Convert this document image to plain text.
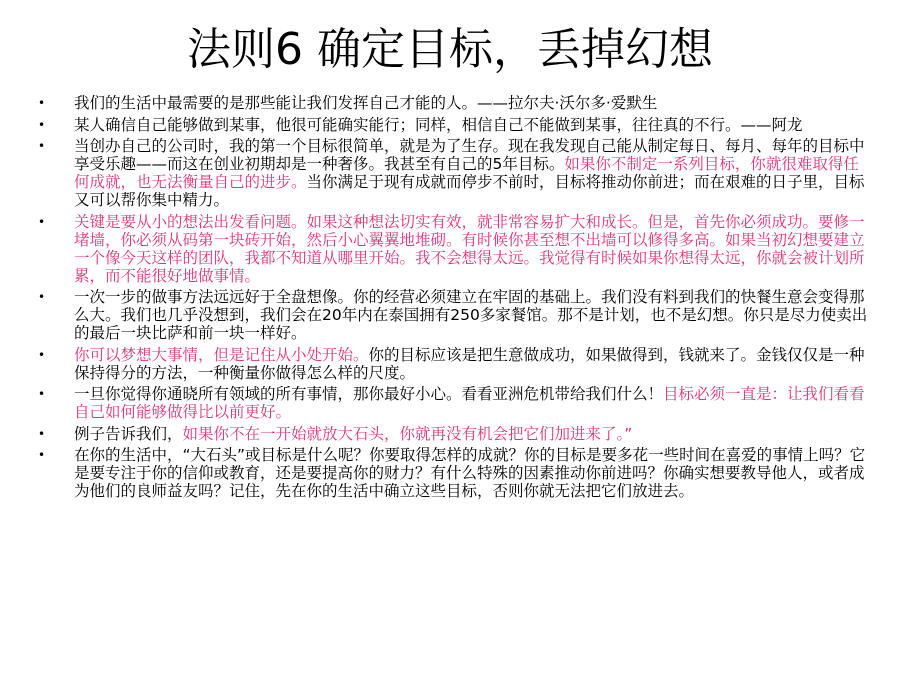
法则6 确定目标，丢掉幻想
• 我们的生活中最需要的是那些能让我们发挥自己才能的人。——拉尔夫·沃尔多·爱默生
• 某人确信自己能够做到某事，他很可能确实能行；同样，相信自己不能做到某事，往往真的不行。——阿龙
• 当创办自己的公司时，我的第一个目标很简单，就是为了生存。现在我发现自己能从制定每日、每月、每年的目标中享受乐趣——而这在创业初期却是一种奢侈。我甚至有自己的5年目标。如果你不制定一系列目标，你就很难取得任何成就，也无法衡量自己的进步。当你满足于现有成就而停步不前时，目标将推动你前进；而在艰难的日子里，目标又可以帮你集中精力。
• 关键是要从小的想法出发看问题。如果这种想法切实有效，就非常容易扩大和成长。但是，首先你必须成功。要修一堵墙，你必须从码第一块砖开始，然后小心翼翼地堆砌。有时候你甚至想不出墙可以修得多高。如果当初幻想要建立一个像今天这样的团队，我都不知道从哪里开始。我不会想得太远。我觉得有时候如果你想得太远，你就会被计划所累，而不能很好地做事情。
• 一次一步的做事方法远远好于全盘想像。你的经营必须建立在牢固的基础上。我们没有料到我们的快餐生意会变得那么大。我们也几乎没想到，我们会在20年内在泰国拥有250多家餐馆。那不是计划，也不是幻想。你只是尽力使卖出的最后一块比萨和前一块一样好。
• 你可以梦想大事情，但是记住从小处开始。你的目标应该是把生意做成功，如果做得到，钱就来了。金钱仅仅是一种保持得分的方法，一种衡量你做得怎么样的尺度。
• 一旦你觉得你通晓所有领域的所有事情，那你最好小心。看看亚洲危机带给我们什么！目标必须一直是：让我们看看自己如何能够做得比以前更好。
• 例子告诉我们，如果你不在一开始就放大石头，你就再没有机会把它们加进来了。”
• 在你的生活中，“大石头”或目标是什么呢？你要取得怎样的成就？你的目标是要多花一些时间在喜爱的事情上吗？它是要专注于你的信仰或教育，还是要提高你的财力？有什么特殊的因素推动你前进吗？你确实想要教导他人，或者成为他们的良师益友吗？记住，先在你的生活中确立这些目标，否则你就无法把它们放进去。
